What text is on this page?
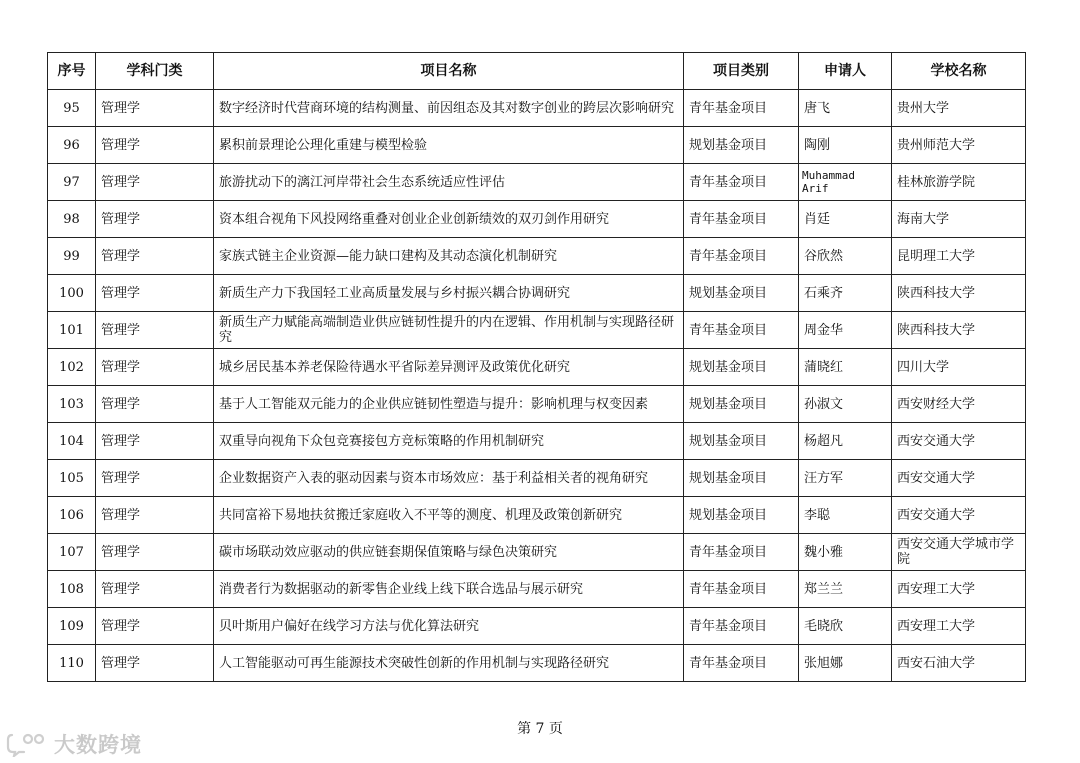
序号	学科门类	项目名称	项目类别	申请人	学校名称
95	管理学	数字经济时代营商环境的结构测量、前因组态及其对数字创业的跨层次影响研究	青年基金项目	唐飞	贵州大学
96	管理学	累积前景理论公理化重建与模型检验	规划基金项目	陶刚	贵州师范大学
97	管理学	旅游扰动下的漓江河岸带社会生态系统适应性评估	青年基金项目	Muhammad Arif	桂林旅游学院
98	管理学	资本组合视角下风投网络重叠对创业企业创新绩效的双刃剑作用研究	青年基金项目	肖廷	海南大学
99	管理学	家族式链主企业资源—能力缺口建构及其动态演化机制研究	青年基金项目	谷欣然	昆明理工大学
100	管理学	新质生产力下我国轻工业高质量发展与乡村振兴耦合协调研究	规划基金项目	石乘齐	陕西科技大学
101	管理学	新质生产力赋能高端制造业供应链韧性提升的内在逻辑、作用机制与实现路径研究	青年基金项目	周金华	陕西科技大学
102	管理学	城乡居民基本养老保险待遇水平省际差异测评及政策优化研究	规划基金项目	蒲晓红	四川大学
103	管理学	基于人工智能双元能力的企业供应链韧性塑造与提升：影响机理与权变因素	规划基金项目	孙淑文	西安财经大学
104	管理学	双重导向视角下众包竞赛接包方竞标策略的作用机制研究	规划基金项目	杨超凡	西安交通大学
105	管理学	企业数据资产入表的驱动因素与资本市场效应：基于利益相关者的视角研究	规划基金项目	汪方军	西安交通大学
106	管理学	共同富裕下易地扶贫搬迁家庭收入不平等的测度、机理及政策创新研究	规划基金项目	李聪	西安交通大学
107	管理学	碳市场联动效应驱动的供应链套期保值策略与绿色决策研究	青年基金项目	魏小雅	西安交通大学城市学院
108	管理学	消费者行为数据驱动的新零售企业线上线下联合选品与展示研究	青年基金项目	郑兰兰	西安理工大学
109	管理学	贝叶斯用户偏好在线学习方法与优化算法研究	青年基金项目	毛晓欣	西安理工大学
110	管理学	人工智能驱动可再生能源技术突破性创新的作用机制与实现路径研究	青年基金项目	张旭娜	西安石油大学
第 7 页
大数跨境
